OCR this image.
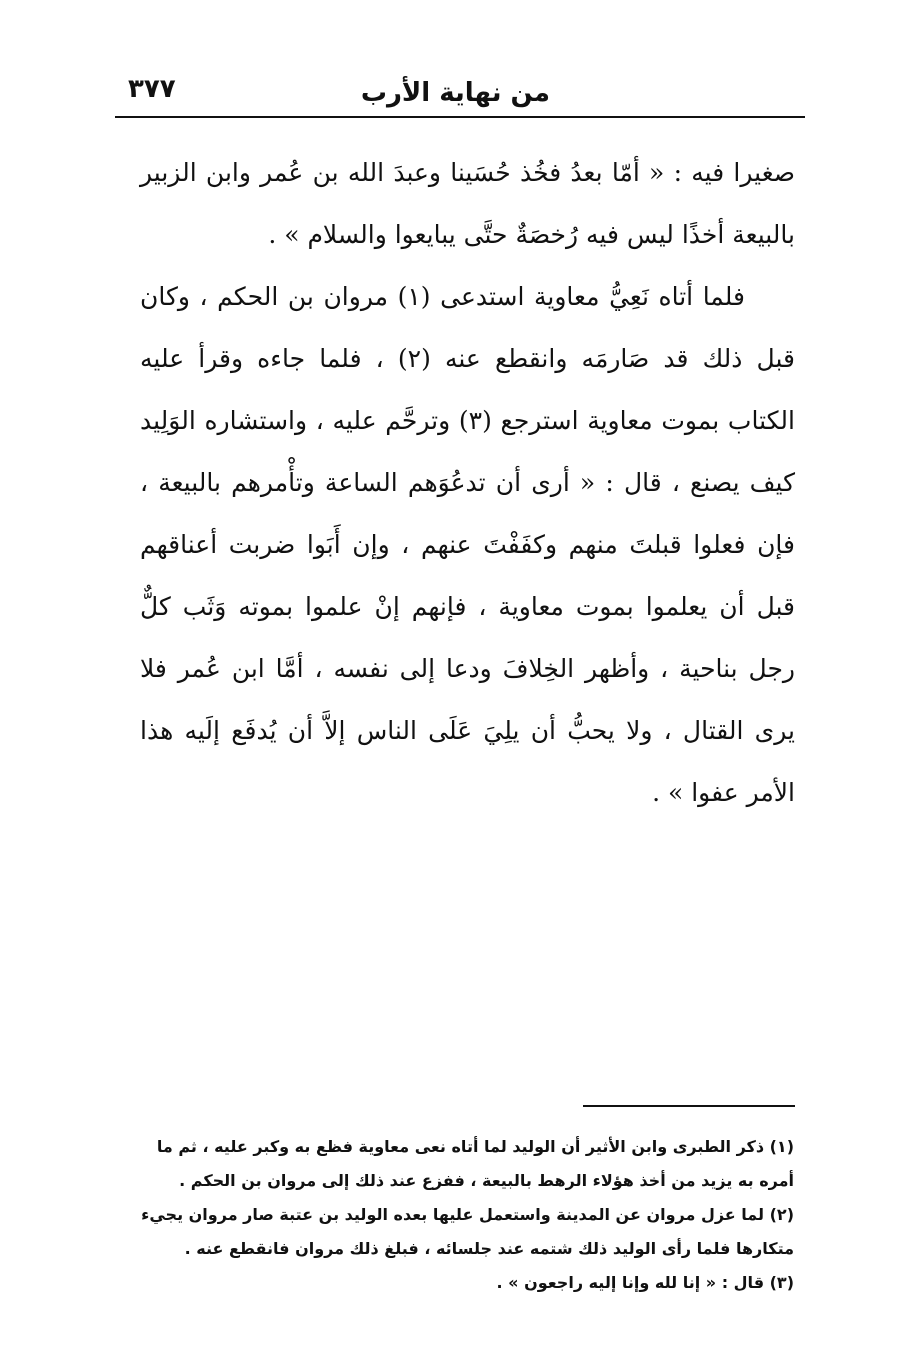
من نهاية الأرب
٣٧٧

صغيرا فيه : « أمّا بعدُ فخُذ حُسَينا وعبدَ الله بن عُمر وابن الزبير بالبيعة أخذًا ليس فيه رُخصَةٌ حتَّى يبايعوا والسلام » .

فلما أتاه نَعِيُّ معاوية استدعى (١) مروان بن الحكم ، وكان قبل ذلك قد صَارمَه وانقطع عنه (٢) ، فلما جاءه وقرأ عليه الكتاب بموت معاوية استرجع (٣) وترحَّم عليه ، واستشاره الوَلِيد كيف يصنع ، قال : « أرى أن تدعُوَهم الساعة وتأْمرهم بالبيعة ، فإن فعلوا قبلتَ منهم وكفَفْتَ عنهم ، وإن أَبَوا ضربت أعناقهم قبل أن يعلموا بموت معاوية ، فإنهم إنْ علموا بموته وَثَب كلٌّ رجل بناحية ، وأظهر الخِلافَ ودعا إلى نفسه ، أمَّا ابن عُمر فلا يرى القتال ، ولا يحبُّ أن يلِيَ عَلَى الناس إلاَّ أن يُدفَع إلَيه هذا الأمر عفوا » .

(١) ذكر الطبرى وابن الأثير أن الوليد لما أتاه نعى معاوية فظع به وكبر عليه ، ثم ما أمره به يزيد من أخذ هؤلاء الرهط بالبيعة ، ففزع عند ذلك إلى مروان بن الحكم .

(٢) لما عزل مروان عن المدينة واستعمل عليها بعده الوليد بن عتبة صار مروان يجيء متكارها فلما رأى الوليد ذلك شتمه عند جلسائه ، فبلغ ذلك مروان فانقطع عنه .

(٣) قال : « إنا لله وإنا إليه راجعون » .
